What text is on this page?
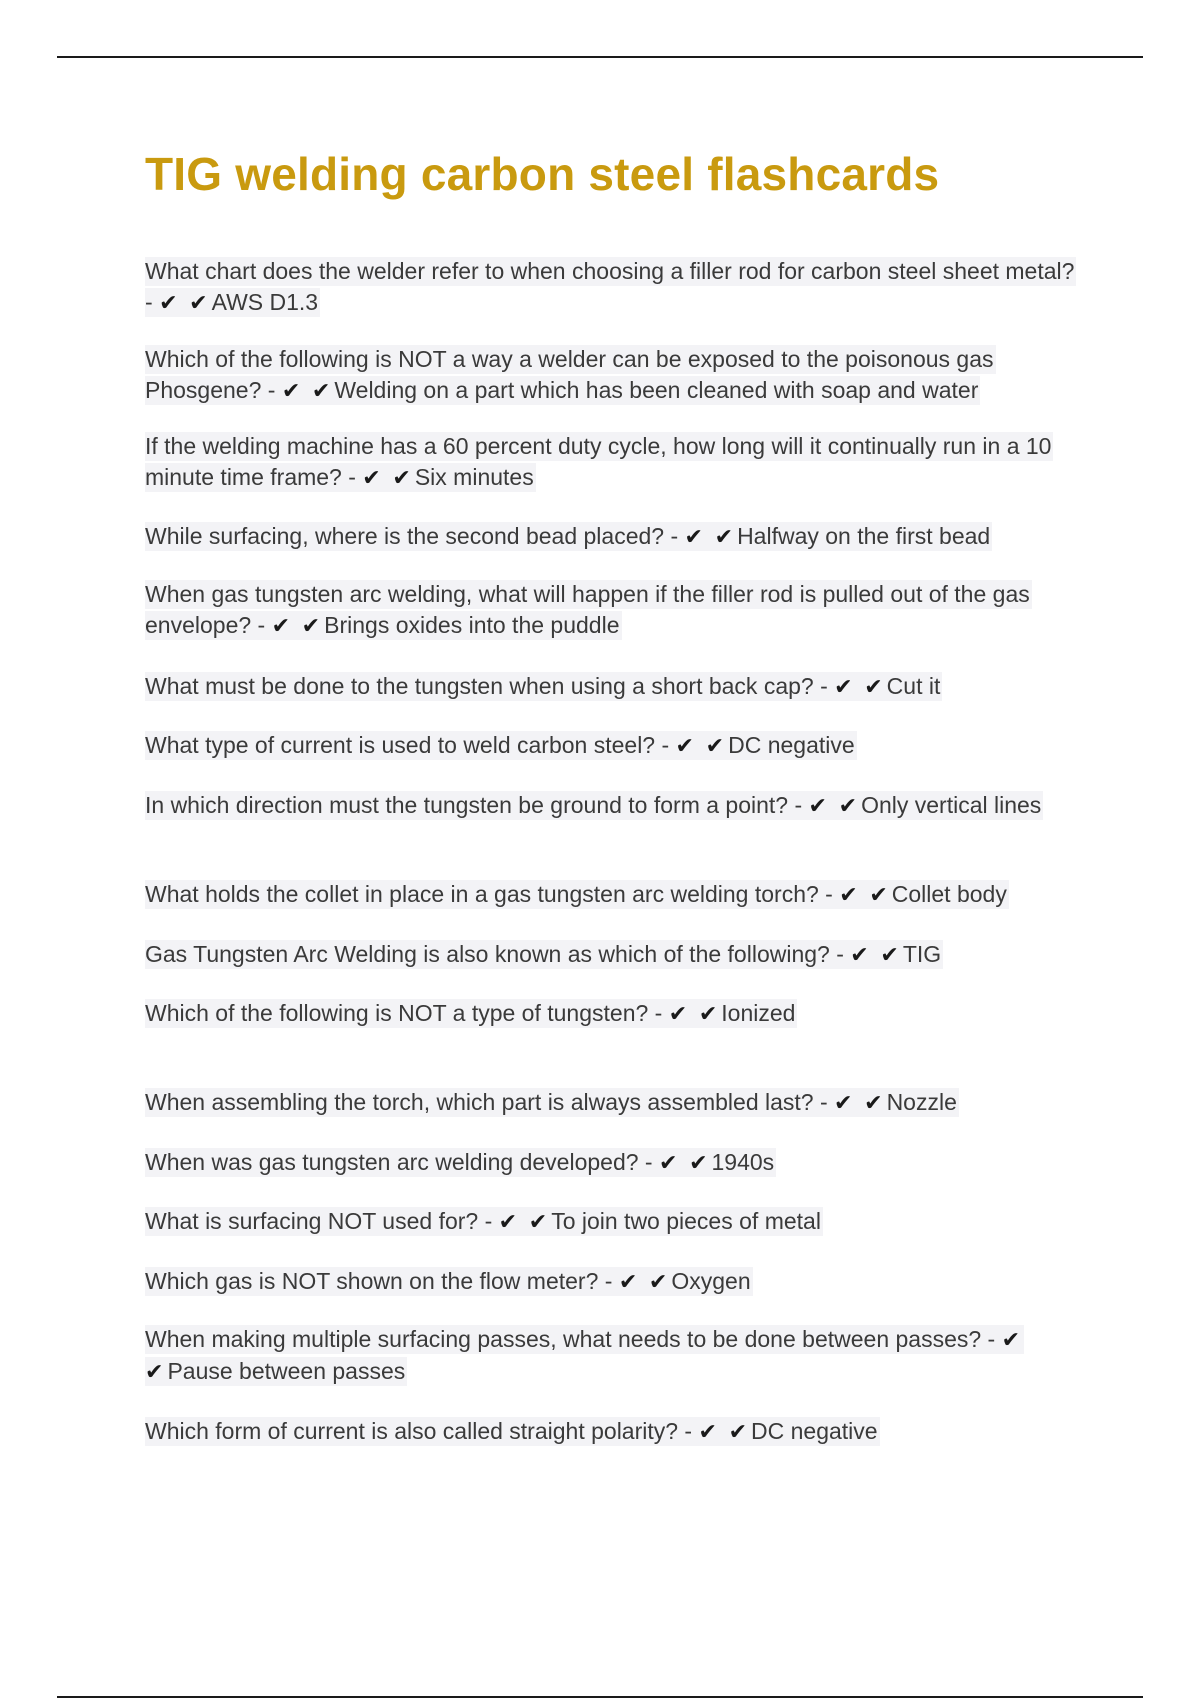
TIG welding carbon steel flashcards
What chart does the welder refer to when choosing a filler rod for carbon steel sheet metal? - ✔ ✔AWS D1.3
Which of the following is NOT a way a welder can be exposed to the poisonous gas Phosgene? - ✔ ✔Welding on a part which has been cleaned with soap and water
If the welding machine has a 60 percent duty cycle, how long will it continually run in a 10 minute time frame? - ✔ ✔Six minutes
While surfacing, where is the second bead placed? - ✔ ✔Halfway on the first bead
When gas tungsten arc welding, what will happen if the filler rod is pulled out of the gas envelope? - ✔ ✔Brings oxides into the puddle
What must be done to the tungsten when using a short back cap? - ✔ ✔Cut it
What type of current is used to weld carbon steel? - ✔ ✔DC negative
In which direction must the tungsten be ground to form a point? - ✔ ✔Only vertical lines
What holds the collet in place in a gas tungsten arc welding torch? - ✔ ✔Collet body
Gas Tungsten Arc Welding is also known as which of the following? - ✔ ✔TIG
Which of the following is NOT a type of tungsten? - ✔ ✔Ionized
When assembling the torch, which part is always assembled last? - ✔ ✔Nozzle
When was gas tungsten arc welding developed? - ✔ ✔1940s
What is surfacing NOT used for? - ✔ ✔To join two pieces of metal
Which gas is NOT shown on the flow meter? - ✔ ✔Oxygen
When making multiple surfacing passes, what needs to be done between passes? - ✔ ✔Pause between passes
Which form of current is also called straight polarity? - ✔ ✔DC negative
